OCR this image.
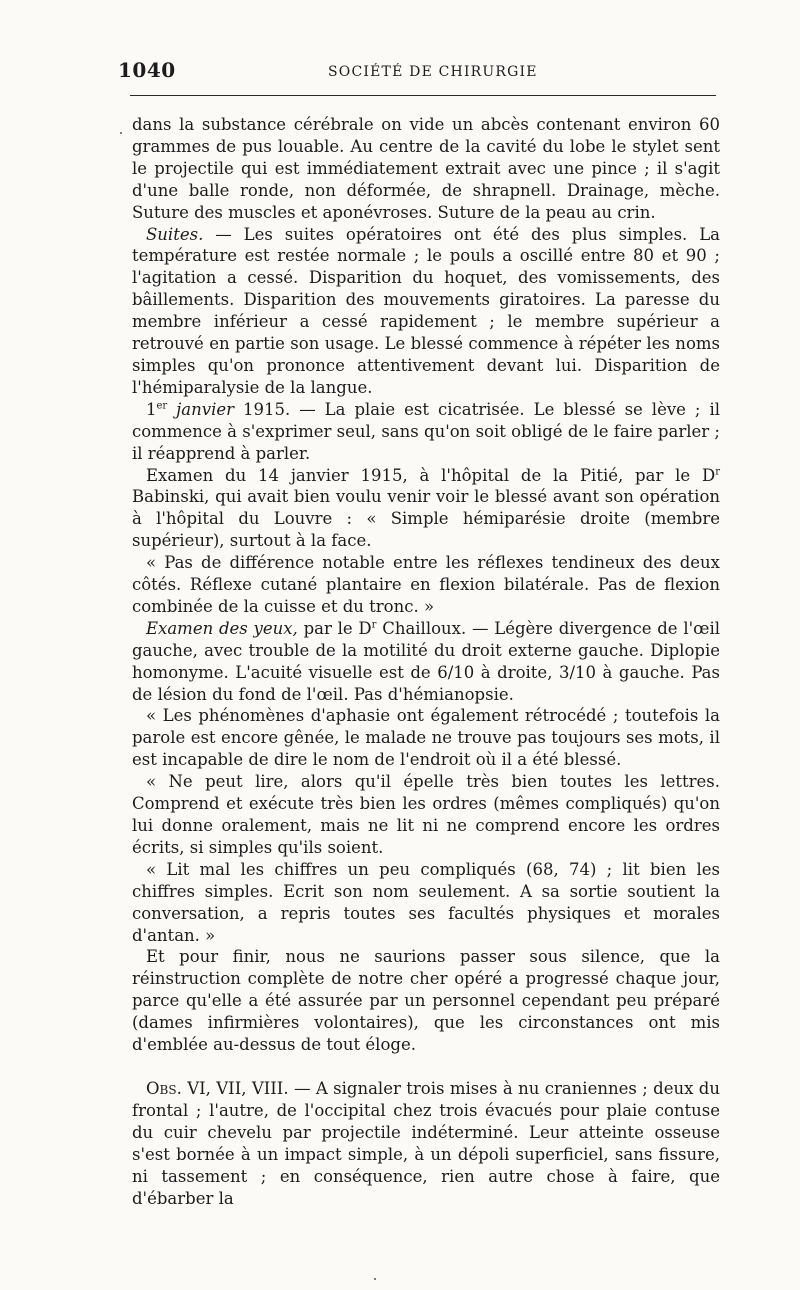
1040	SOCIÉTÉ DE CHIRURGIE

dans la substance cérébrale on vide un abcès contenant environ 60 grammes de pus louable. Au centre de la cavité du lobe le stylet sent le projectile qui est immédiatement extrait avec une pince ; il s'agit d'une balle ronde, non déformée, de shrapnell. Drainage, mèche. Suture des muscles et aponévroses. Suture de la peau au crin.

Suites. — Les suites opératoires ont été des plus simples. La température est restée normale ; le pouls a oscillé entre 80 et 90 ; l'agitation a cessé. Disparition du hoquet, des vomissements, des bâillements. Disparition des mouvements giratoires. La paresse du membre inférieur a cessé rapidement ; le membre supérieur a retrouvé en partie son usage. Le blessé commence à répéter les noms simples qu'on prononce attentivement devant lui. Disparition de l'hémiparalysie de la langue.

1er janvier 1915. — La plaie est cicatrisée. Le blessé se lève ; il commence à s'exprimer seul, sans qu'on soit obligé de le faire parler ; il réapprend à parler.

Examen du 14 janvier 1915, à l'hôpital de la Pitié, par le $D^r$ Babinski, qui avait bien voulu venir voir le blessé avant son opération à l'hôpital du Louvre : « Simple hémiparésie droite (membre supérieur), surtout à la face.

« Pas de différence notable entre les réflexes tendineux des deux côtés. Réflexe cutané plantaire en flexion bilatérale. Pas de flexion combinée de la cuisse et du tronc. »

Examen des yeux, par le $D^r$ Chailloux. — Légère divergence de l'œil gauche, avec trouble de la motilité du droit externe gauche. Diplopie homonyme. L'acuité visuelle est de 6/10 à droite, 3/10 à gauche. Pas de lésion du fond de l'œil. Pas d'hémianopsie.

« Les phénomènes d'aphasie ont également rétrocédé ; toutefois la parole est encore gênée, le malade ne trouve pas toujours ses mots, il est incapable de dire le nom de l'endroit où il a été blessé.

« Ne peut lire, alors qu'il épelle très bien toutes les lettres. Comprend et exécute très bien les ordres (mêmes compliqués) qu'on lui donne oralement, mais ne lit ni ne comprend encore les ordres écrits, si simples qu'ils soient.

« Lit mal les chiffres un peu compliqués (68, 74) ; lit bien les chiffres simples. Ecrit son nom seulement. A sa sortie soutient la conversation, a repris toutes ses facultés physiques et morales d'antan. »

Et pour finir, nous ne saurions passer sous silence, que la réinstruction complète de notre cher opéré a progressé chaque jour, parce qu'elle a été assurée par un personnel cependant peu préparé (dames infirmières volontaires), que les circonstances ont mis d'emblée au-dessus de tout éloge.

Obs. VI, VII, VIII. — A signaler trois mises à nu craniennes ; deux du frontal ; l'autre, de l'occipital chez trois évacués pour plaie contuse du cuir chevelu par projectile indéterminé. Leur atteinte osseuse s'est bornée à un impact simple, à un dépoli superficiel, sans fissure, ni tassement ; en conséquence, rien autre chose à faire, que d'ébarber la
